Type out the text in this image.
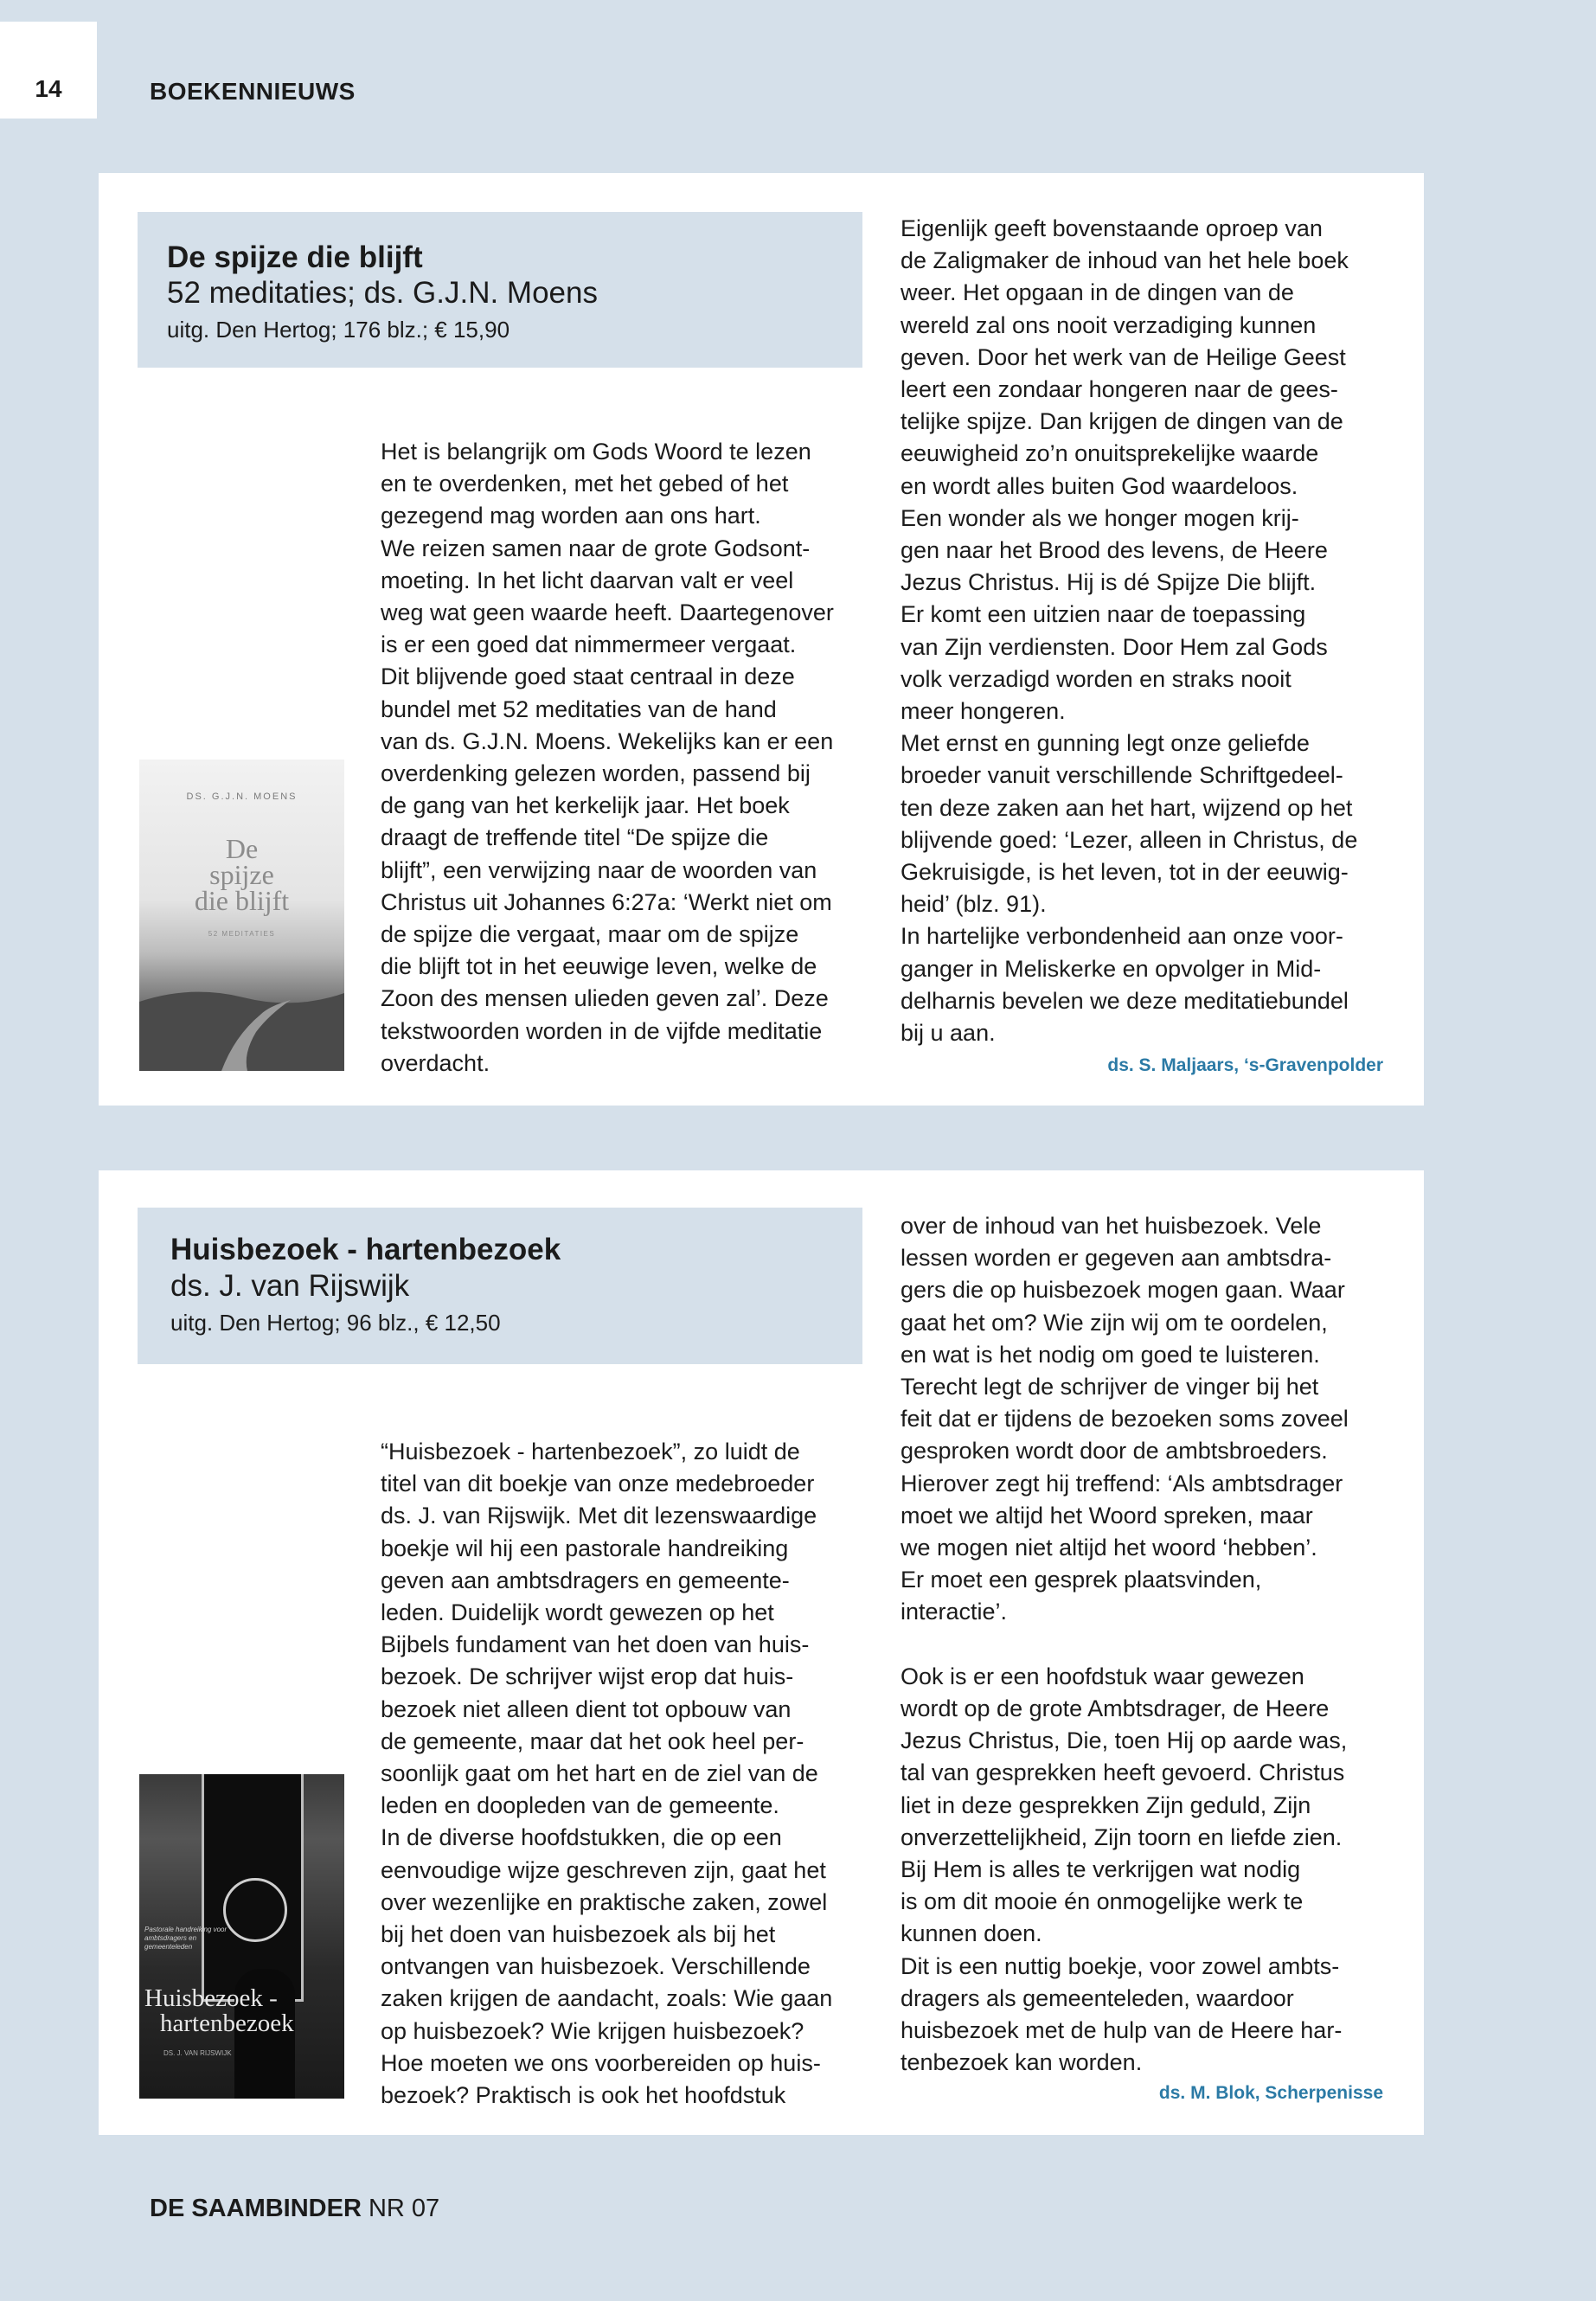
14	BOEKENNIEUWS
De spijze die blijft
52 meditaties; ds. G.J.N. Moens
uitg. Den Hertog; 176 blz.; € 15,90
DS. G.J.N. MOENS
De
spijze
die blijft
52 MEDITATIES
Het is belangrijk om Gods Woord te lezen
en te overdenken, met het gebed of het
gezegend mag worden aan ons hart.
We reizen samen naar de grote Godsont-
moeting. In het licht daarvan valt er veel
weg wat geen waarde heeft. Daartegenover
is er een goed dat nimmermeer vergaat.
Dit blijvende goed staat centraal in deze
bundel met 52 meditaties van de hand
van ds. G.J.N. Moens. Wekelijks kan er een
overdenking gelezen worden, passend bij
de gang van het kerkelijk jaar. Het boek
draagt de treffende titel “De spijze die
blijft”, een verwijzing naar de woorden van
Christus uit Johannes 6:27a: ‘Werkt niet om
de spijze die vergaat, maar om de spijze
die blijft tot in het eeuwige leven, welke de
Zoon des mensen ulieden geven zal’. Deze
tekstwoorden worden in de vijfde meditatie
overdacht.
Eigenlijk geeft bovenstaande oproep van
de Zaligmaker de inhoud van het hele boek
weer. Het opgaan in de dingen van de
wereld zal ons nooit verzadiging kunnen
geven. Door het werk van de Heilige Geest
leert een zondaar hongeren naar de gees-
telijke spijze. Dan krijgen de dingen van de
eeuwigheid zo’n onuitsprekelijke waarde
en wordt alles buiten God waardeloos.
Een wonder als we honger mogen krij-
gen naar het Brood des levens, de Heere
Jezus Christus. Hij is dé Spijze Die blijft.
Er komt een uitzien naar de toepassing
van Zijn verdiensten. Door Hem zal Gods
volk verzadigd worden en straks nooit
meer hongeren.
Met ernst en gunning legt onze geliefde
broeder vanuit verschillende Schriftgedeel-
ten deze zaken aan het hart, wijzend op het
blijvende goed: ‘Lezer, alleen in Christus, de
Gekruisigde, is het leven, tot in der eeuwig-
heid’ (blz. 91).
In hartelijke verbondenheid aan onze voor-
ganger in Meliskerke en opvolger in Mid-
delharnis bevelen we deze meditatiebundel
bij u aan.
ds. S. Maljaars, ‘s-Gravenpolder
Huisbezoek - hartenbezoek
ds. J. van Rijswijk
uitg. Den Hertog; 96 blz., € 12,50
Pastorale handreiking voor ambtsdragers en gemeenteleden
Huisbezoek -
hartenbezoek
DS. J. VAN RIJSWIJK
“Huisbezoek - hartenbezoek”, zo luidt de
titel van dit boekje van onze medebroeder
ds. J. van Rijswijk. Met dit lezenswaardige
boekje wil hij een pastorale handreiking
geven aan ambtsdragers en gemeente-
leden. Duidelijk wordt gewezen op het
Bijbels fundament van het doen van huis-
bezoek. De schrijver wijst erop dat huis-
bezoek niet alleen dient tot opbouw van
de gemeente, maar dat het ook heel per-
soonlijk gaat om het hart en de ziel van de
leden en doopleden van de gemeente.
In de diverse hoofdstukken, die op een
eenvoudige wijze geschreven zijn, gaat het
over wezenlijke en praktische zaken, zowel
bij het doen van huisbezoek als bij het
ontvangen van huisbezoek. Verschillende
zaken krijgen de aandacht, zoals: Wie gaan
op huisbezoek? Wie krijgen huisbezoek?
Hoe moeten we ons voorbereiden op huis-
bezoek? Praktisch is ook het hoofdstuk
over de inhoud van het huisbezoek. Vele
lessen worden er gegeven aan ambtsdra-
gers die op huisbezoek mogen gaan. Waar
gaat het om? Wie zijn wij om te oordelen,
en wat is het nodig om goed te luisteren.
Terecht legt de schrijver de vinger bij het
feit dat er tijdens de bezoeken soms zoveel
gesproken wordt door de ambtsbroeders.
Hierover zegt hij treffend: ‘Als ambtsdrager
moet we altijd het Woord spreken, maar
we mogen niet altijd het woord ‘hebben’.
Er moet een gesprek plaatsvinden,
interactie’.
Ook is er een hoofdstuk waar gewezen
wordt op de grote Ambtsdrager, de Heere
Jezus Christus, Die, toen Hij op aarde was,
tal van gesprekken heeft gevoerd. Christus
liet in deze gesprekken Zijn geduld, Zijn
onverzettelijkheid, Zijn toorn en liefde zien.
Bij Hem is alles te verkrijgen wat nodig
is om dit mooie én onmogelijke werk te
kunnen doen.
Dit is een nuttig boekje, voor zowel ambts-
dragers als gemeenteleden, waardoor
huisbezoek met de hulp van de Heere har-
tenbezoek kan worden.
ds. M. Blok, Scherpenisse
DE SAAMBINDER NR 07
